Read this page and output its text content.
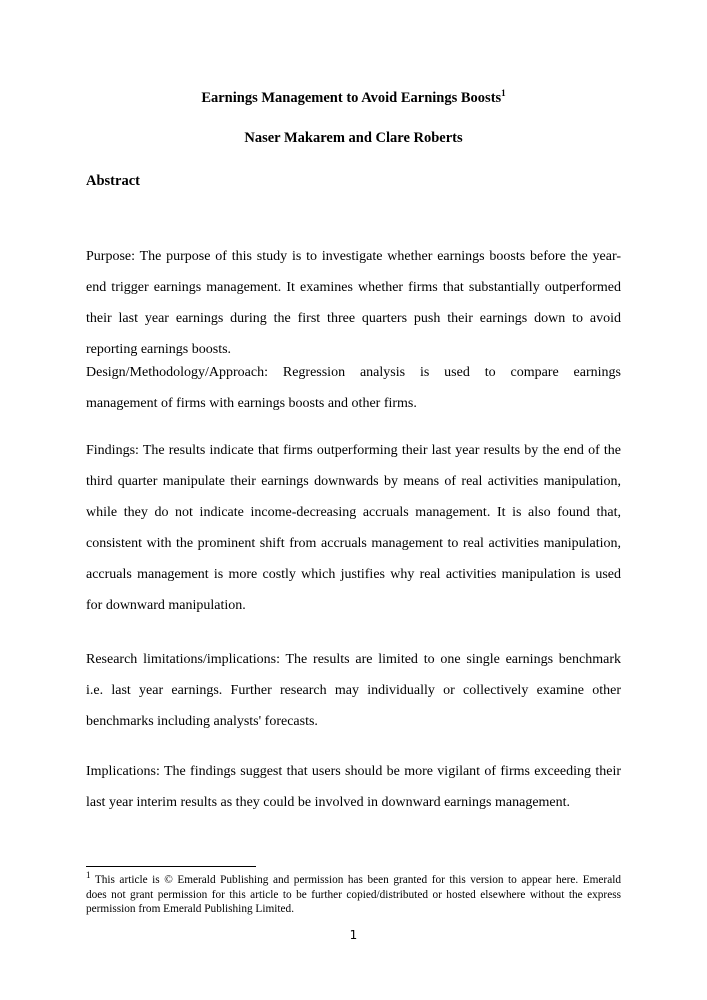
Earnings Management to Avoid Earnings Boosts$^1$
Naser Makarem and Clare Roberts
Abstract
Purpose: The purpose of this study is to investigate whether earnings boosts before the year-
end trigger earnings management. It examines whether firms that substantially outperformed
their last year earnings during the first three quarters push their earnings down to avoid
reporting earnings boosts.
Design/Methodology/Approach: Regression analysis is used to compare earnings
management of firms with earnings boosts and other firms.
Findings: The results indicate that firms outperforming their last year results by the end of the
third quarter manipulate their earnings downwards by means of real activities manipulation,
while they do not indicate income-decreasing accruals management. It is also found that,
consistent with the prominent shift from accruals management to real activities manipulation,
accruals management is more costly which justifies why real activities manipulation is used
for downward manipulation.
Research limitations/implications: The results are limited to one single earnings benchmark
i.e. last year earnings. Further research may individually or collectively examine other
benchmarks including analysts' forecasts.
Implications: The findings suggest that users should be more vigilant of firms exceeding their
last year interim results as they could be involved in downward earnings management.
$^1$ This article is © Emerald Publishing and permission has been granted for this version to appear here. Emerald
does not grant permission for this article to be further copied/distributed or hosted elsewhere without the express
permission from Emerald Publishing Limited.
1
